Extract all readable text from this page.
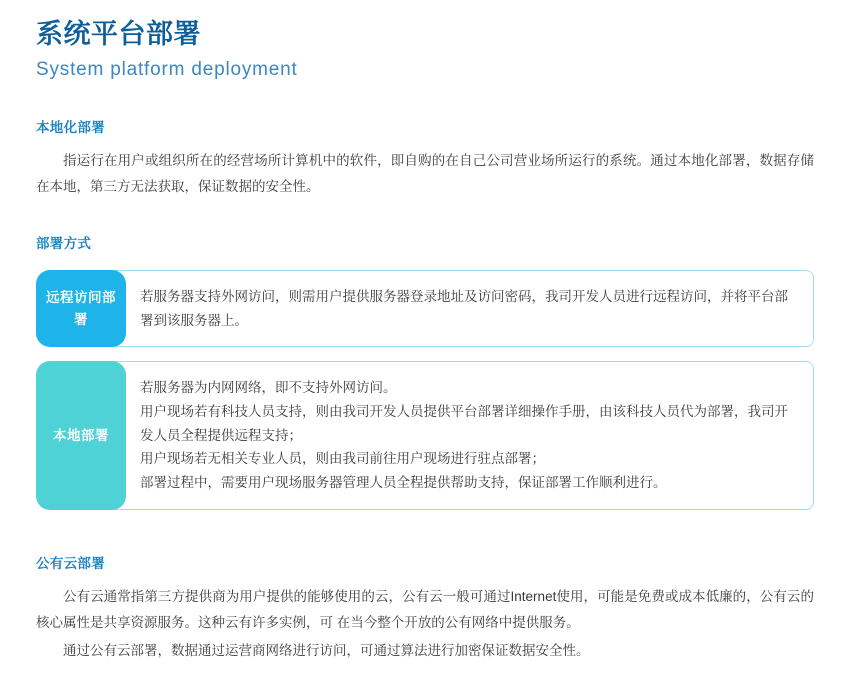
系统平台部署
System platform deployment
本地化部署

指运行在用户或组织所在的经营场所计算机中的软件，即自购的在自己公司营业场所运行的系统。通过本地化部署，数据存储在本地，第三方无法获取，保证数据的安全性。

部署方式
远程访问部署

若服务器支持外网访问，则需用户提供服务器登录地址及访问密码，我司开发人员进行远程访问，并将平台部署到该服务器上。

本地部署

若服务器为内网网络，即不支持外网访问。

用户现场若有科技人员支持，则由我司开发人员提供平台部署详细操作手册，由该科技人员代为部署，我司开发人员全程提供远程支持；

用户现场若无相关专业人员，则由我司前往用户现场进行驻点部署；

部署过程中，需要用户现场服务器管理人员全程提供帮助支持，保证部署工作顺利进行。

公有云部署

公有云通常指第三方提供商为用户提供的能够使用的云，公有云一般可通过Internet使用，可能是免费或成本低廉的，公有云的核心属性是共享资源服务。这种云有许多实例，可 在当今整个开放的公有网络中提供服务。

通过公有云部署，数据通过运营商网络进行访问，可通过算法进行加密保证数据安全性。
